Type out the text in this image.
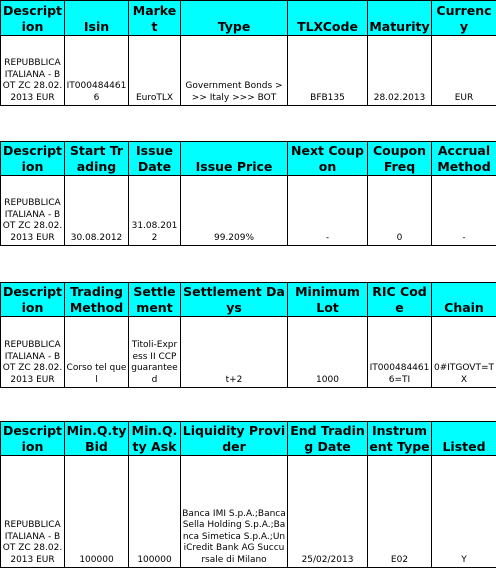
Description	Isin	Market	Type	TLXCode	Maturity	Currency
REPUBBLICA ITALIANA - BOT ZC 28.02.2013 EUR	IT0004844616	EuroTLX	Government Bonds >>> Italy >>> BOT	BFB135	28.02.2013	EUR
Description	Start Trading	Issue Date	Issue Price	Next Coupon	Coupon Freq	Accrual Method
REPUBBLICA ITALIANA - BOT ZC 28.02.2013 EUR	30.08.2012	31.08.2012	99.209%	-	0	-
Description	Trading Method	Settlement	Settlement Days	Minimum Lot	RIC Code	Chain
REPUBBLICA ITALIANA - BOT ZC 28.02.2013 EUR	Corso tel quel	Titoli-Express II CCP guaranteed	t+2	1000	IT0004844616=TI	0#ITGOVT=TX
Description	Min.Q.ty Bid	Min.Q.ty Ask	Liquidity Provider	End Trading Date	Instrument Type	Listed
REPUBBLICA ITALIANA - BOT ZC 28.02.2013 EUR	100000	100000	Banca IMI S.p.A.;Banca Sella Holding S.p.A.;Banca Simetica S.p.A.;UniCredit Bank AG Succursale di Milano	25/02/2013	E02	Y
